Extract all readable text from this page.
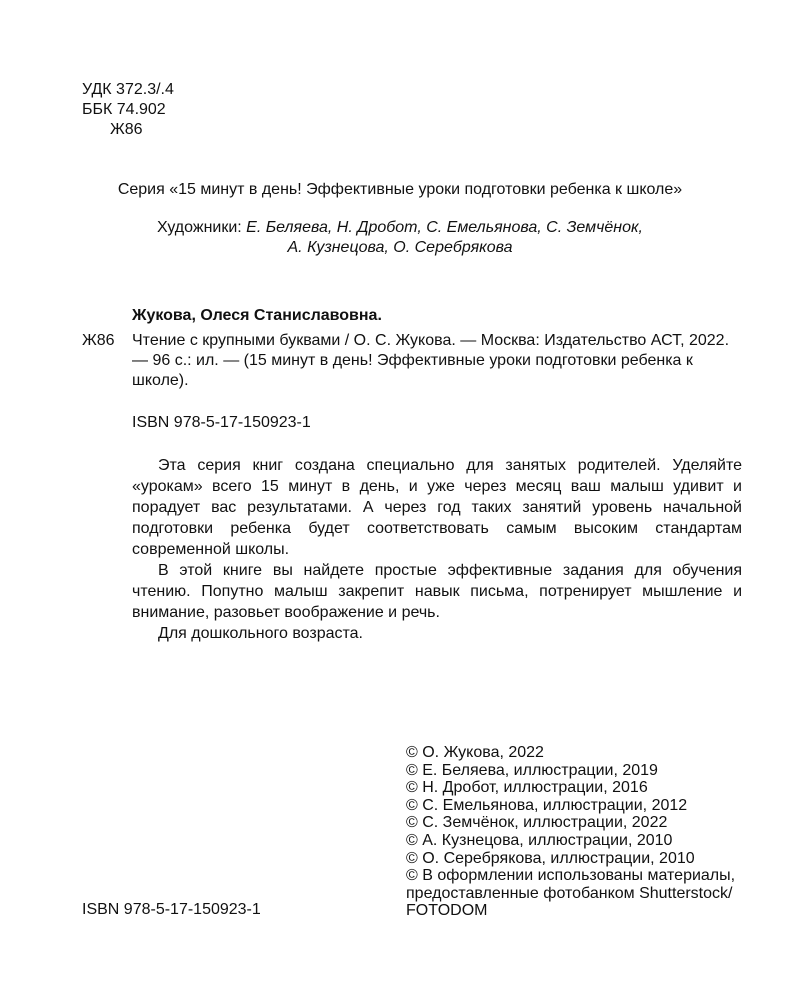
УДК 372.3/.4
ББК 74.902
Ж86
Серия «15 минут в день! Эффективные уроки подготовки ребенка к школе»
Художники: Е. Беляева, Н. Дробот, С. Емельянова, С. Земчёнок,
А. Кузнецова, О. Серебрякова
Жукова, Олеся Станиславовна.
Ж86 Чтение с крупными буквами / О. С. Жукова. — Москва: Издательство АСТ, 2022. — 96 с.: ил. — (15 минут в день! Эффективные уроки подготовки ребенка к школе).
ISBN 978-5-17-150923-1

Эта серия книг создана специально для занятых родителей. Уделяйте «урокам» всего 15 минут в день, и уже через месяц ваш малыш удивит и порадует вас результатами. А через год таких занятий уровень начальной подготовки ребенка будет соответствовать самым высоким стандартам современной школы.

В этой книге вы найдете простые эффективные задания для обучения чтению. Попутно малыш закрепит навык письма, потренирует мышление и внимание, разовьет воображение и речь.

Для дошкольного возраста.

© О. Жукова, 2022
© Е. Беляева, иллюстрации, 2019
© Н. Дробот, иллюстрации, 2016
© С. Емельянова, иллюстрации, 2012
© С. Земчёнок, иллюстрации, 2022
© А. Кузнецова, иллюстрации, 2010
© О. Серебрякова, иллюстрации, 2010
© В оформлении использованы материалы,
предоставленные фотобанком Shutterstock/
FOTODOM
ISBN 978-5-17-150923-1
